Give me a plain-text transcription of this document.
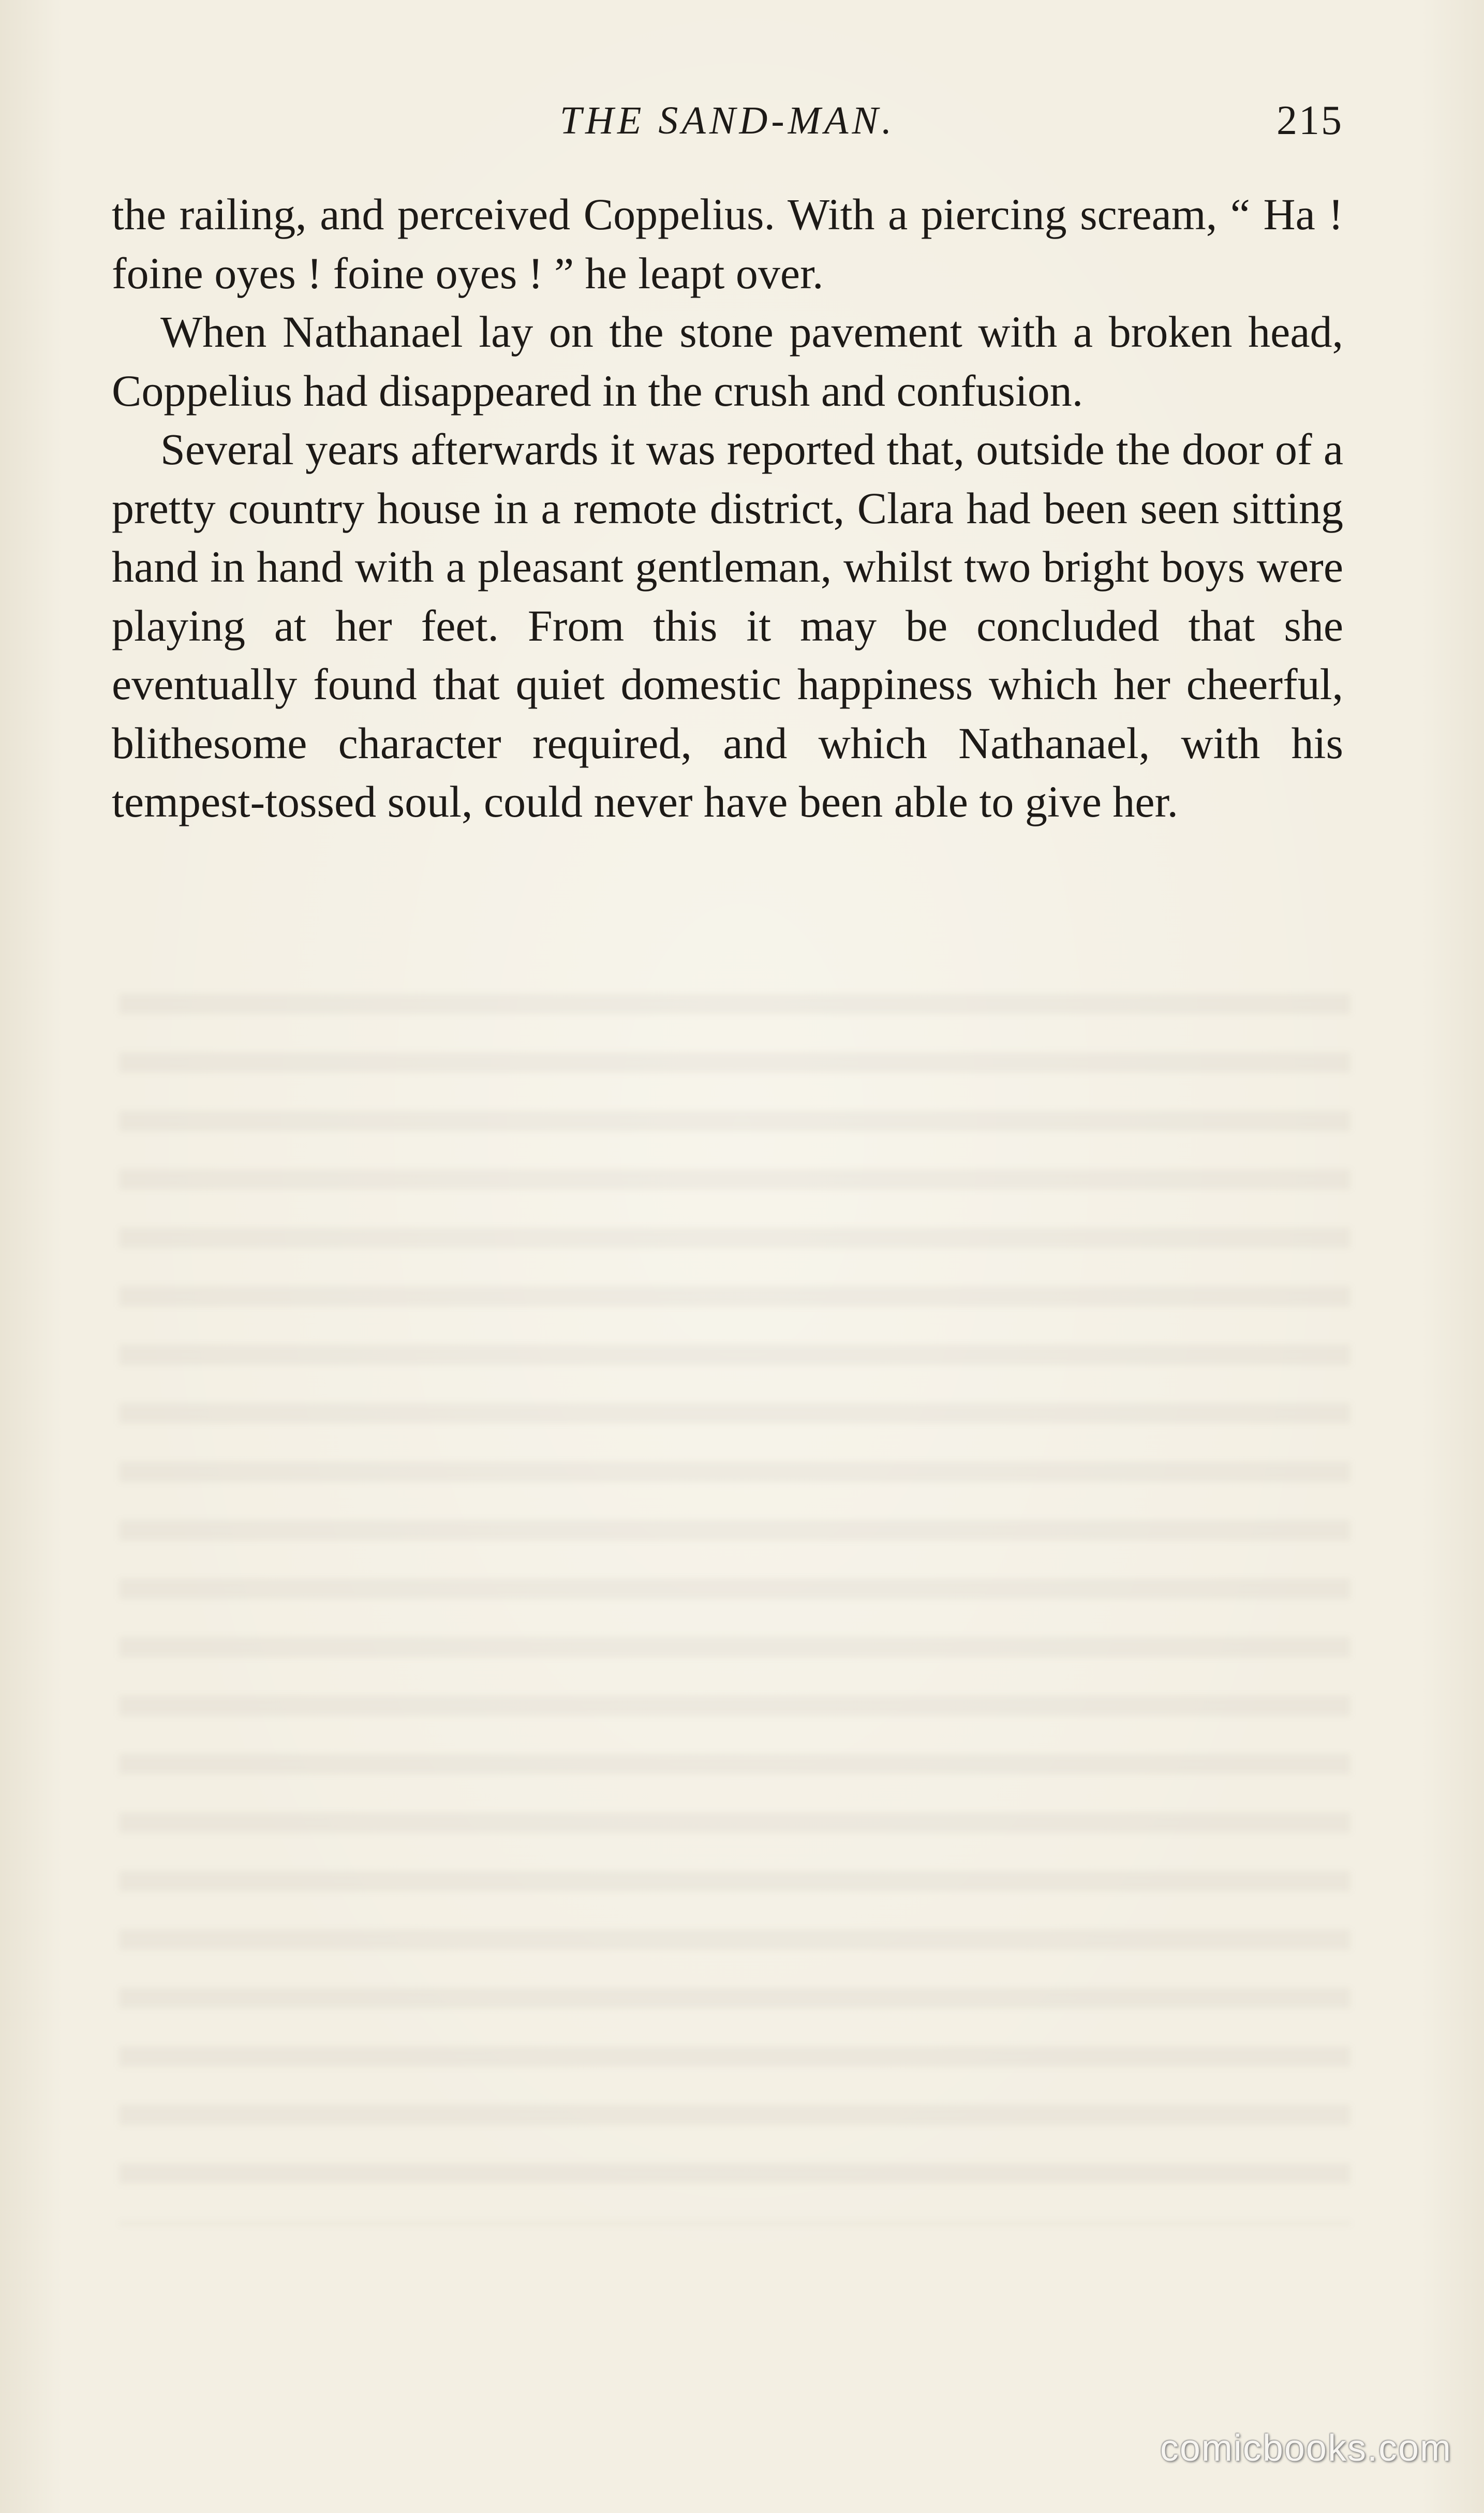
THE SAND-MAN.	215

the railing, and perceived Coppelius. With a piercing scream, “ Ha ! foine oyes ! foine oyes ! ” he leapt over.

When Nathanael lay on the stone pavement with a broken head, Coppelius had disappeared in the crush and confusion.

Several years afterwards it was reported that, outside the door of a pretty country house in a remote district, Clara had been seen sitting hand in hand with a pleasant gentleman, whilst two bright boys were playing at her feet. From this it may be concluded that she eventually found that quiet domestic happiness which her cheerful, blithesome character required, and which Nathanael, with his tempest-tossed soul, could never have been able to give her.

comicbooks.com
